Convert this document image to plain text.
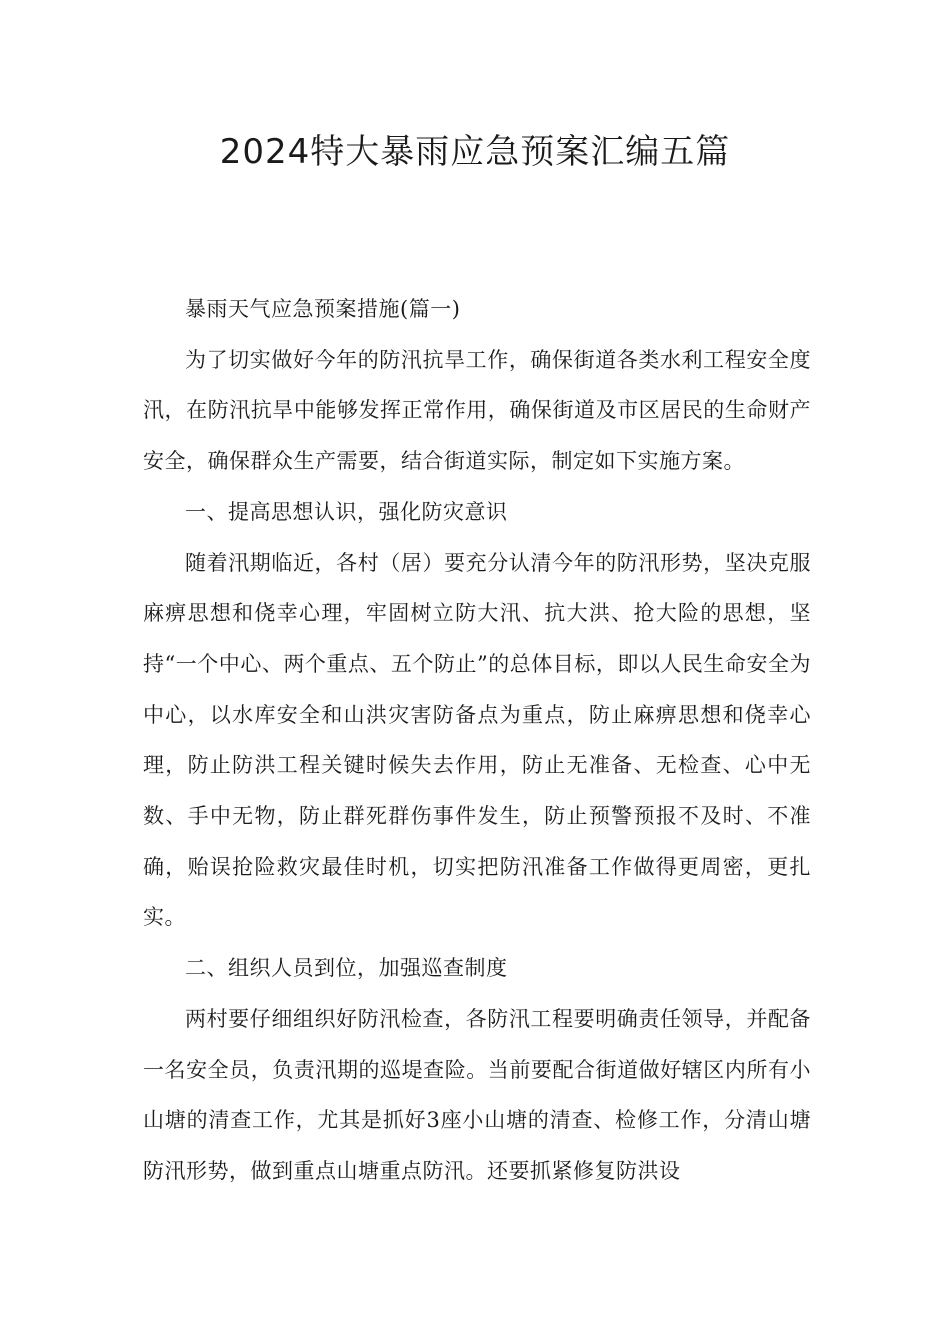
2024特大暴雨应急预案汇编五篇

暴雨天气应急预案措施(篇一)

为了切实做好今年的防汛抗旱工作，确保街道各类水利工程安全度汛，在防汛抗旱中能够发挥正常作用，确保街道及市区居民的生命财产安全，确保群众生产需要，结合街道实际，制定如下实施方案。

一、提高思想认识，强化防灾意识

随着汛期临近，各村（居）要充分认清今年的防汛形势，坚决克服麻痹思想和侥幸心理，牢固树立防大汛、抗大洪、抢大险的思想，坚持“一个中心、两个重点、五个防止”的总体目标，即以人民生命安全为中心，以水库安全和山洪灾害防备点为重点，防止麻痹思想和侥幸心理，防止防洪工程关键时候失去作用，防止无准备、无检查、心中无数、手中无物，防止群死群伤事件发生，防止预警预报不及时、不准确，贻误抢险救灾最佳时机，切实把防汛准备工作做得更周密，更扎实。

二、组织人员到位，加强巡查制度

两村要仔细组织好防汛检查，各防汛工程要明确责任领导，并配备一名安全员，负责汛期的巡堤查险。当前要配合街道做好辖区内所有小山塘的清查工作，尤其是抓好3座小山塘的清查、检修工作，分清山塘防汛形势，做到重点山塘重点防汛。还要抓紧修复防洪设
